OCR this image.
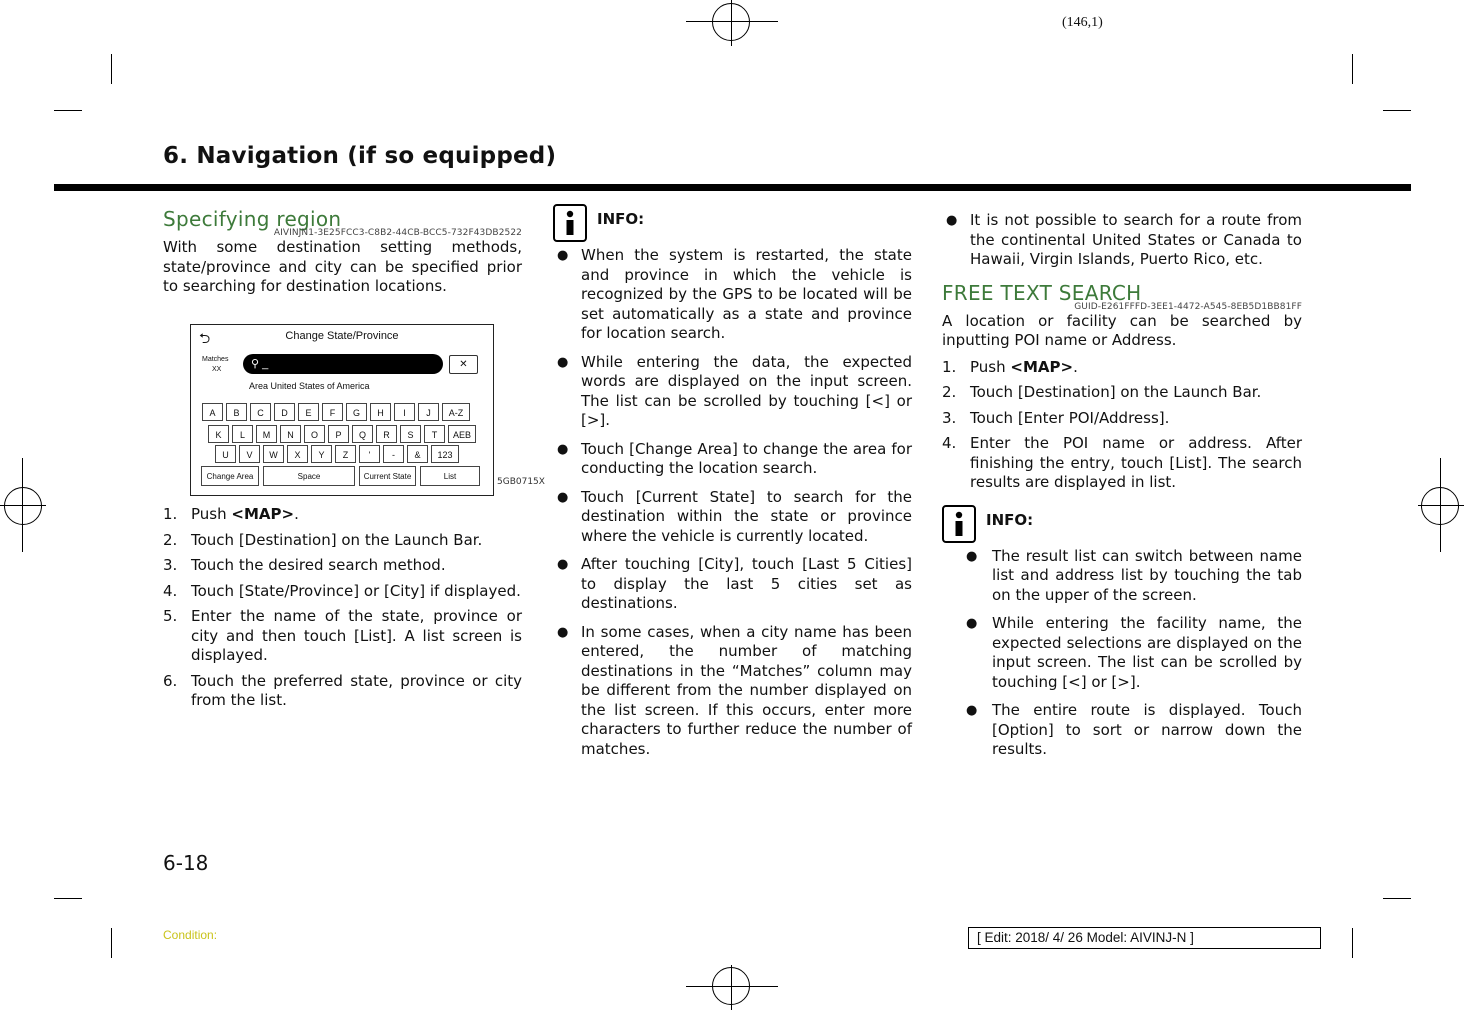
(146,1)
6. Navigation (if so equipped)
Specifying region
AIVINJN1-3E25FCC3-C8B2-44CB-BCC5-732F43DB2522

With some destination setting methods, state/province and city can be specified prior to searching for destination locations.

⮌	Change State/Province
Matches
XX	⚲ _	✕
Area United States of America
A	B	C	D	E	F	G	H	I	J	A-Z
K	L	M	N	O	P	Q	R	S	T	AEB
U	V	W	X	Y	Z	'	-	&	123
Change Area	Space	Current State	List
5GB0715X
1. Push <MAP>.
2. Touch [Destination] on the Launch Bar.
3. Touch the desired search method.
4. Touch [State/Province] or [City] if displayed.
5. Enter the name of the state, province or city and then touch [List]. A list screen is displayed.
6. Touch the preferred state, province or city from the list.
INFO:
● When the system is restarted, the state and province in which the vehicle is recognized by the GPS to be located will be set automatically as a state and province for location search.
● While entering the data, the expected words are displayed on the input screen. The list can be scrolled by touching [<] or [>].
● Touch [Change Area] to change the area for conducting the location search.
● Touch [Current State] to search for the destination within the state or province where the vehicle is currently located.
● After touching [City], touch [Last 5 Cities] to display the last 5 cities set as destinations.
● In some cases, when a city name has been entered, the number of matching destinations in the “Matches” column may be different from the number displayed on the list screen. If this occurs, enter more characters to further reduce the number of matches.
● It is not possible to search for a route from the continental United States or Canada to Hawaii, Virgin Islands, Puerto Rico, etc.
FREE TEXT SEARCH
GUID-E261FFFD-3EE1-4472-A545-8EB5D1BB81FF

A location or facility can be searched by inputting POI name or Address.

1. Push <MAP>.
2. Touch [Destination] on the Launch Bar.
3. Touch [Enter POI/Address].
4. Enter the POI name or address. After finishing the entry, touch [List]. The search results are displayed in list.
INFO:
● The result list can switch between name list and address list by touching the tab on the upper of the screen.
● While entering the facility name, the expected selections are displayed on the input screen. The list can be scrolled by touching [<] or [>].
● The entire route is displayed. Touch [Option] to sort or narrow down the results.
6-18
Condition:	[ Edit: 2018/ 4/ 26 Model: AIVINJ-N ]
